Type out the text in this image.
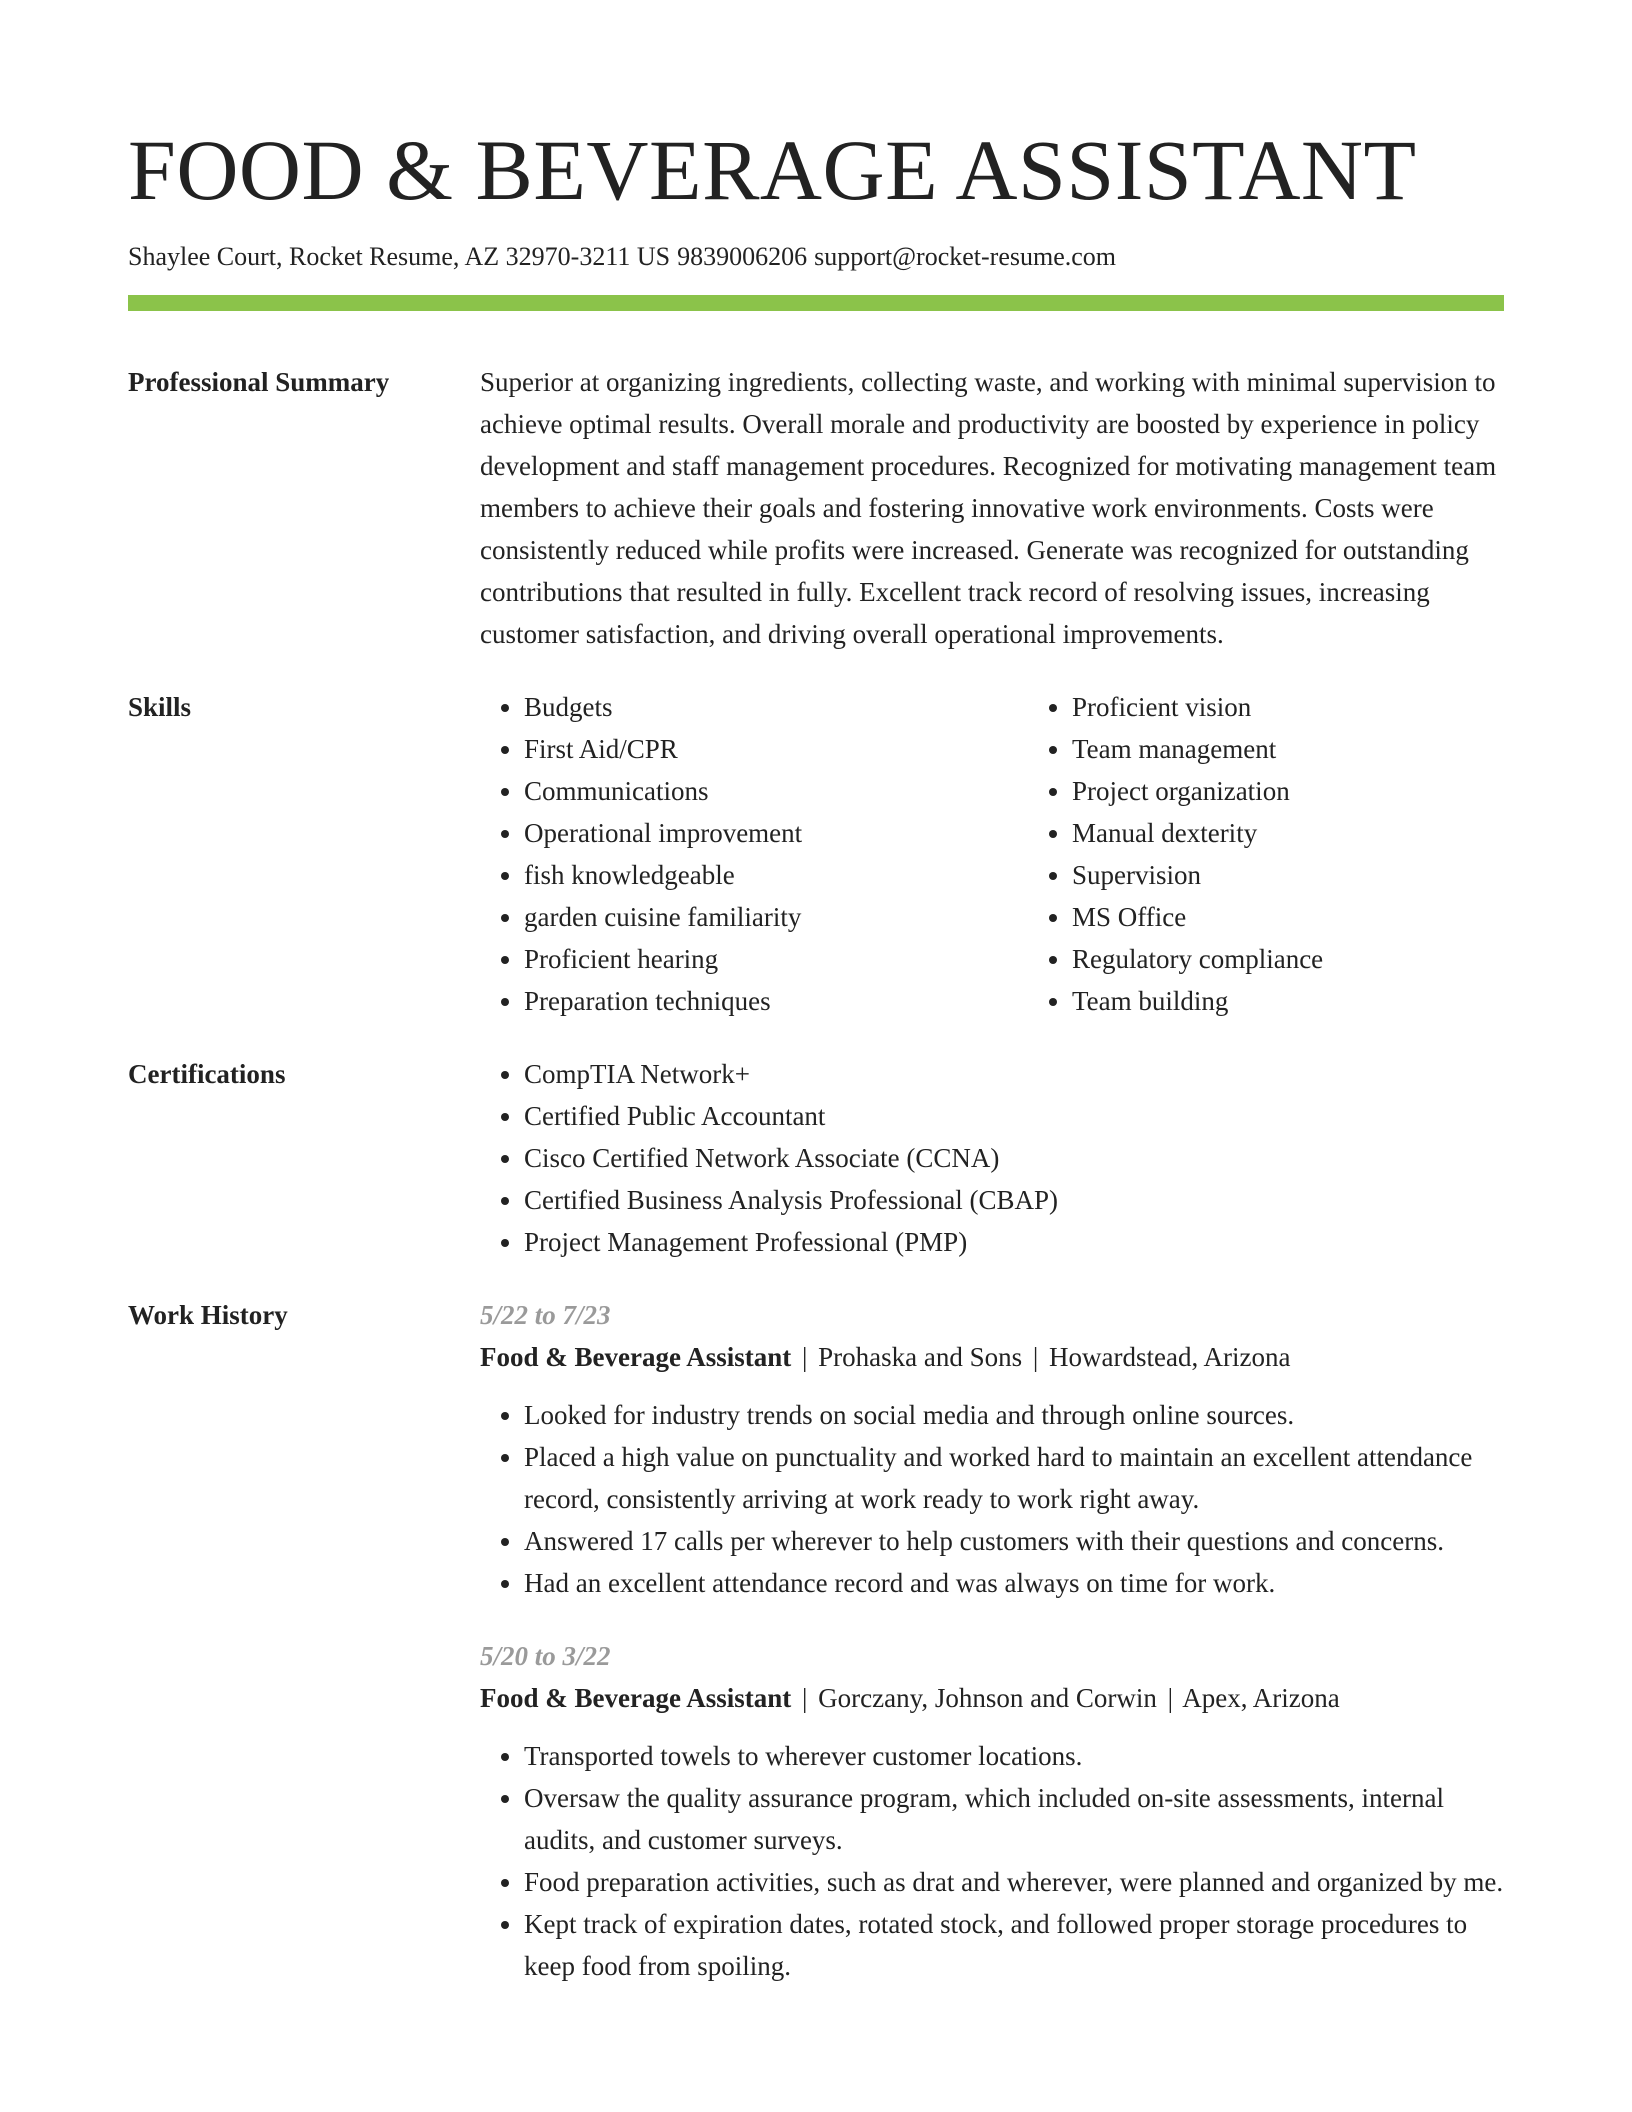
FOOD & BEVERAGE ASSISTANT
Shaylee Court, Rocket Resume, AZ 32970-3211 US 9839006206 support@rocket-resume.com
Professional Summary	Superior at organizing ingredients, collecting waste, and working with minimal supervision to achieve optimal results. Overall morale and productivity are boosted by experience in policy development and staff management procedures. Recognized for motivating management team members to achieve their goals and fostering innovative work environments. Costs were consistently reduced while profits were increased. Generate was recognized for outstanding contributions that resulted in fully. Excellent track record of resolving issues, increasing customer satisfaction, and driving overall operational improvements.

Skills	• Budgets
• First Aid/CPR
• Communications
• Operational improvement
• fish knowledgeable
• garden cuisine familiarity
• Proficient hearing
• Preparation techniques
• Proficient vision
• Team management
• Project organization
• Manual dexterity
• Supervision
• MS Office
• Regulatory compliance
• Team building
Certifications	• CompTIA Network+
• Certified Public Accountant
• Cisco Certified Network Associate (CCNA)
• Certified Business Analysis Professional (CBAP)
• Project Management Professional (PMP)
Work History	5/22 to 7/23
Food & Beverage Assistant | Prohaska and Sons | Howardstead, Arizona
• Looked for industry trends on social media and through online sources.
• Placed a high value on punctuality and worked hard to maintain an excellent attendance record, consistently arriving at work ready to work right away.
• Answered 17 calls per wherever to help customers with their questions and concerns.
• Had an excellent attendance record and was always on time for work.
5/20 to 3/22
Food & Beverage Assistant | Gorczany, Johnson and Corwin | Apex, Arizona
• Transported towels to wherever customer locations.
• Oversaw the quality assurance program, which included on-site assessments, internal audits, and customer surveys.
• Food preparation activities, such as drat and wherever, were planned and organized by me.
• Kept track of expiration dates, rotated stock, and followed proper storage procedures to keep food from spoiling.
